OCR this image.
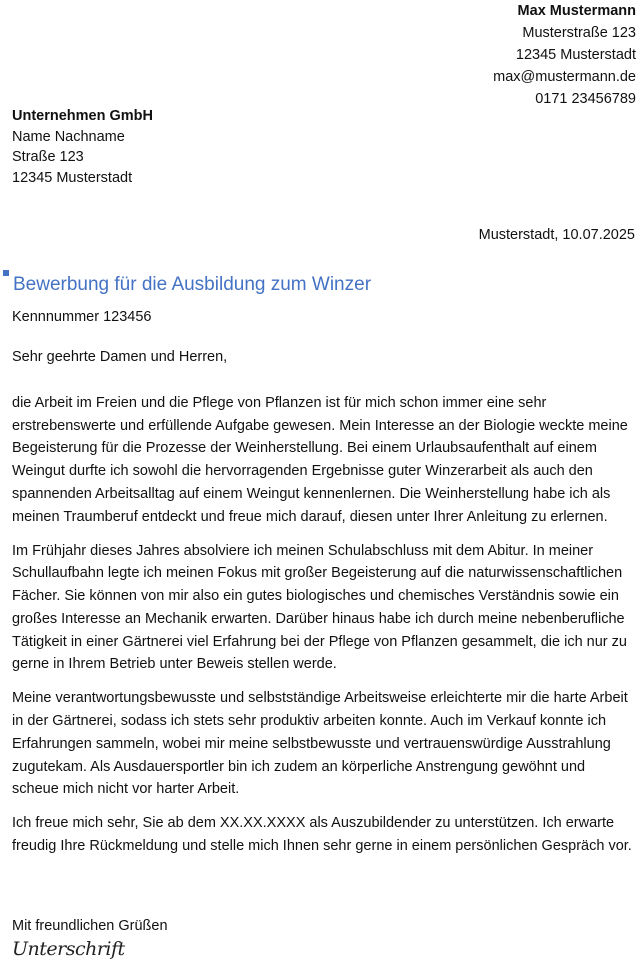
Max Mustermann
Musterstraße 123
12345 Musterstadt
max@mustermann.de
0171 23456789
Unternehmen GmbH
Name Nachname
Straße 123
12345 Musterstadt
Musterstadt, 10.07.2025
Bewerbung für die Ausbildung zum Winzer
Kennnummer 123456
Sehr geehrte Damen und Herren,

die Arbeit im Freien und die Pflege von Pflanzen ist für mich schon immer eine sehr erstrebenswerte und erfüllende Aufgabe gewesen. Mein Interesse an der Biologie weckte meine Begeisterung für die Prozesse der Weinherstellung. Bei einem Urlaubsaufenthalt auf einem Weingut durfte ich sowohl die hervorragenden Ergebnisse guter Winzerarbeit als auch den spannenden Arbeitsalltag auf einem Weingut kennenlernen. Die Weinherstellung habe ich als meinen Traumberuf entdeckt und freue mich darauf, diesen unter Ihrer Anleitung zu erlernen.

Im Frühjahr dieses Jahres absolviere ich meinen Schulabschluss mit dem Abitur. In meiner Schullaufbahn legte ich meinen Fokus mit großer Begeisterung auf die naturwissenschaftlichen Fächer. Sie können von mir also ein gutes biologisches und chemisches Verständnis sowie ein großes Interesse an Mechanik erwarten. Darüber hinaus habe ich durch meine nebenberufliche Tätigkeit in einer Gärtnerei viel Erfahrung bei der Pflege von Pflanzen gesammelt, die ich nur zu gerne in Ihrem Betrieb unter Beweis stellen werde.

Meine verantwortungsbewusste und selbstständige Arbeitsweise erleichterte mir die harte Arbeit in der Gärtnerei, sodass ich stets sehr produktiv arbeiten konnte. Auch im Verkauf konnte ich Erfahrungen sammeln, wobei mir meine selbstbewusste und vertrauenswürdige Ausstrahlung zugutekam. Als Ausdauersportler bin ich zudem an körperliche Anstrengung gewöhnt und scheue mich nicht vor harter Arbeit.

Ich freue mich sehr, Sie ab dem XX.XX.XXXX als Auszubildender zu unterstützen. Ich erwarte freudig Ihre Rückmeldung und stelle mich Ihnen sehr gerne in einem persönlichen Gespräch vor.

Mit freundlichen Grüßen
Unterschrift
